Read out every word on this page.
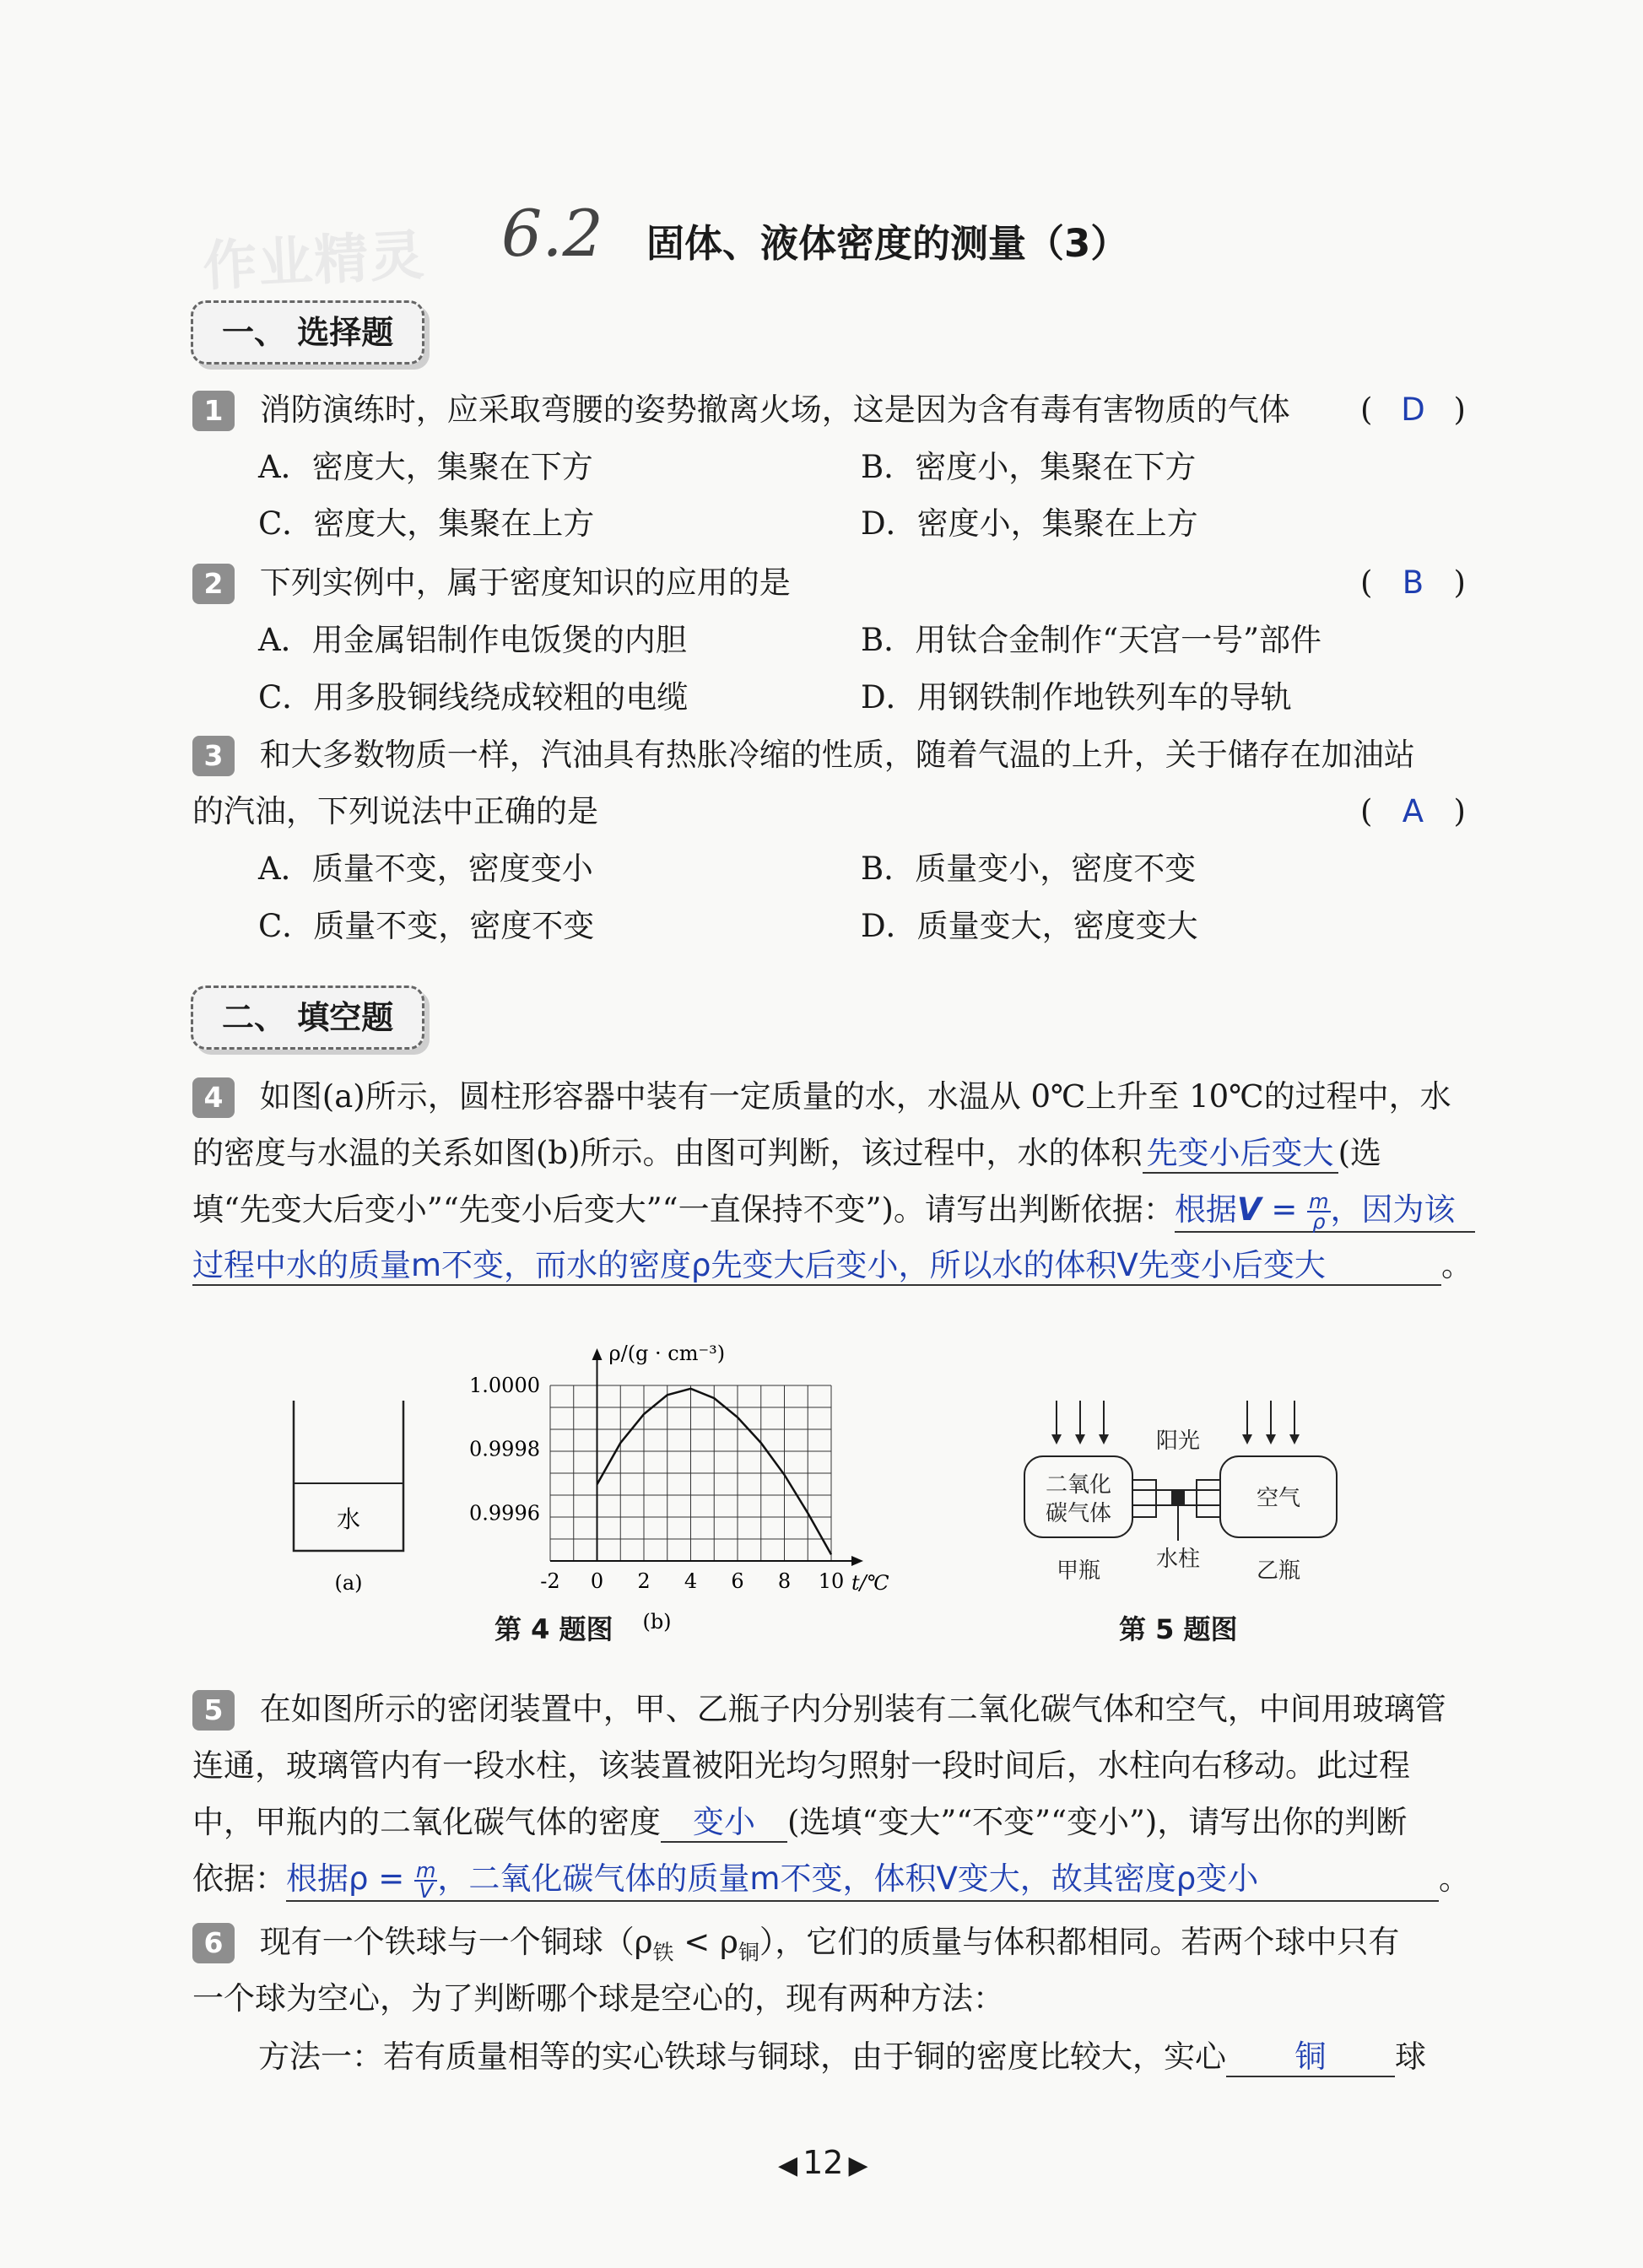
作业精灵 6.2 固体、液体密度的测量（3）
一、 选择题
1 消防演练时，应采取弯腰的姿势撤离火场，这是因为含有毒有害物质的气体 ( D )
A．密度大，集聚在下方	B．密度小，集聚在下方
C．密度大，集聚在上方	D．密度小，集聚在上方
2 下列实例中，属于密度知识的应用的是	( B )
A．用金属铝制作电饭煲的内胆	B．用钛合金制作“天宫一号”部件
C．用多股铜线绕成较粗的电缆	D．用钢铁制作地铁列车的导轨
3 和大多数物质一样，汽油具有热胀冷缩的性质，随着气温的上升，关于储存在加油站
的汽油，下列说法中正确的是	( A )
A．质量不变，密度变小	B．质量变小，密度不变
C．质量不变，密度不变	D．质量变大，密度变大
二、 填空题
4 如图(a)所示，圆柱形容器中装有一定质量的水，水温从 0℃上升至 10℃的过程中，水
的密度与水温的关系如图(b)所示。由图可判断，该过程中，水的体积 先变小后变大 (选
填“先变大后变小”“先变小后变大”“一直保持不变”)。请写出判断依据：根据$V = \frac{m}{\rho}$ ，因为该
过程中水的质量m不变，而水的密度ρ先变大后变小，所以水的体积V先变小后变大	。
水
(a)
1.0000
0.9998
0.9996
-2 0 2 4 6 8 10
ρ/(g · cm⁻³)
t/℃
(b)
第 4 题图
二氧化
碳气体
空气
阳光
甲瓶	水柱	乙瓶
第 5 题图
5 在如图所示的密闭装置中，甲、乙瓶子内分别装有二氧化碳气体和空气，中间用玻璃管
连通，玻璃管内有一段水柱，该装置被阳光均匀照射一段时间后，水柱向右移动。此过程
中，甲瓶内的二氧化碳气体的密度 变小 (选填“变大”“不变”“变小”)，请写出你的判断
依据：根据$\rho = \frac{m}{V}$ ，二氧化碳气体的质量m不变，体积V变大，故其密度ρ变小	。
6 现有一个铁球与一个铜球$(\rho_铁 < \rho_铜)$，它们的质量与体积都相同。若两个球中只有
一个球为空心，为了判断哪个球是空心的，现有两种方法：
方法一：若有质量相等的实心铁球与铜球，由于铜的密度比较大，实心 铜 球
◀ 12 ▶
